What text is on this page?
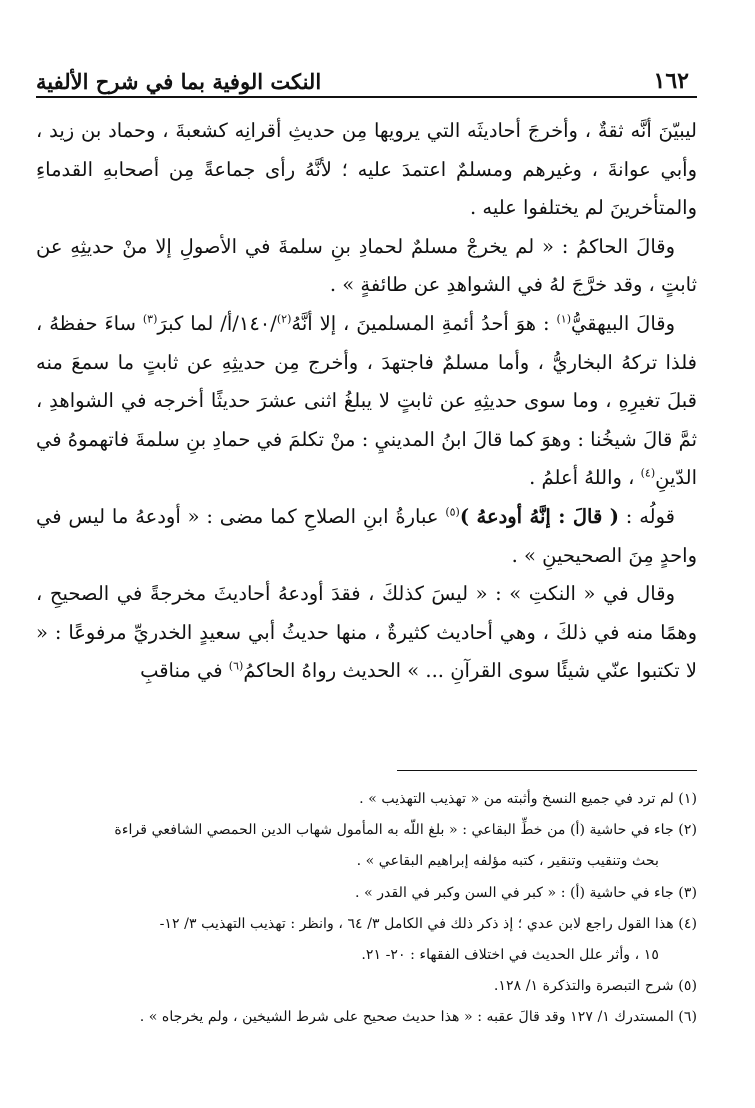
١٦٢
النكت الوفية بما في شرح الألفية

ليبيّنَ أنَّه ثقةٌ ، وأخرجَ أحاديثَه التي يرويها مِن حديثِ أقرانِه كشعبةَ ، وحماد بن زيد ، وأبي عوانةَ ، وغيرهم ومسلمٌ اعتمدَ عليه ؛ لأنَّهُ رأى جماعةً مِن أصحابهِ القدماءِ والمتأخرينَ لم يختلفوا عليه .

وقالَ الحاكمُ : « لم يخرجْ مسلمٌ لحمادِ بنِ سلمةَ في الأصولِ إلا منْ حديثِهِ عن ثابتٍ ، وقد خرَّجَ لهُ في الشواهدِ عن طائفةٍ » .

وقالَ البيهقيُّ$^{(١)}$ : هوَ أحدُ أئمةِ المسلمينَ ، إلا أنَّهُ$^{(٢)}$/١٤٠/أ/ لما كبرَ$^{(٣)}$ ساءَ حفظهُ ، فلذا تركهُ البخاريُّ ، وأما مسلمٌ فاجتهدَ ، وأخرج مِن حديثِهِ عن ثابتٍ ما سمعَ منه قبلَ تغيرِهِ ، وما سوى حديثِهِ عن ثابتٍ لا يبلغُ اثنى عشرَ حديثًا أخرجه في الشواهدِ ، ثمَّ قالَ شيخُنا : وهوَ كما قالَ ابنُ المدينيِ : منْ تكلمَ في حمادِ بنِ سلمةَ فاتهموهُ في الدّينِ$^{(٤)}$ ، واللهُ أعلمُ .

قولُه : ( قالَ : إنَّهُ أودعهُ )$^{(٥)}$ عبارةُ ابنِ الصلاحِ كما مضى : « أودعهُ ما ليس في واحدٍ مِنَ الصحيحينِ » .

وقال في « النكتِ » : « ليسَ كذلكَ ، فقدَ أودعهُ أحاديثَ مخرجةً في الصحيحِ ، وهمًا منه في ذلكَ ، وهي أحاديث كثيرةٌ ، منها حديثُ أبي سعيدٍ الخدريِّ مرفوعًا : « لا تكتبوا عنّي شيئًا سوى القرآنِ ... » الحديث رواهُ الحاكمُ$^{(٦)}$ في مناقبِ

(١) لم ترد في جميع النسخ وأثبته من « تهذيب التهذيب » .

(٢) جاء في حاشية (أ) من خطِّ البقاعي : « بلغ اللّه به المأمول شهاب الدين الحمصي الشافعي قراءة

بحث وتنقيب وتنقير ، كتبه مؤلفه إبراهيم البقاعي » .

(٣) جاء في حاشية (أ) : « كبر في السن وكبر في القدر » .

(٤) هذا القول راجع لابن عدي ؛ إذ ذكر ذلك في الكامل ٣/ ٦٤ ، وانظر : تهذيب التهذيب ٣/ ١٢-

١٥ ، وأثر علل الحديث في اختلاف الفقهاء : ٢٠- ٢١.

(٥) شرح التبصرة والتذكرة ١/ ١٢٨.

(٦) المستدرك ١/ ١٢٧ وقد قالَ عقبه : « هذا حديث صحيح على شرط الشيخين ، ولم يخرجاه » .
